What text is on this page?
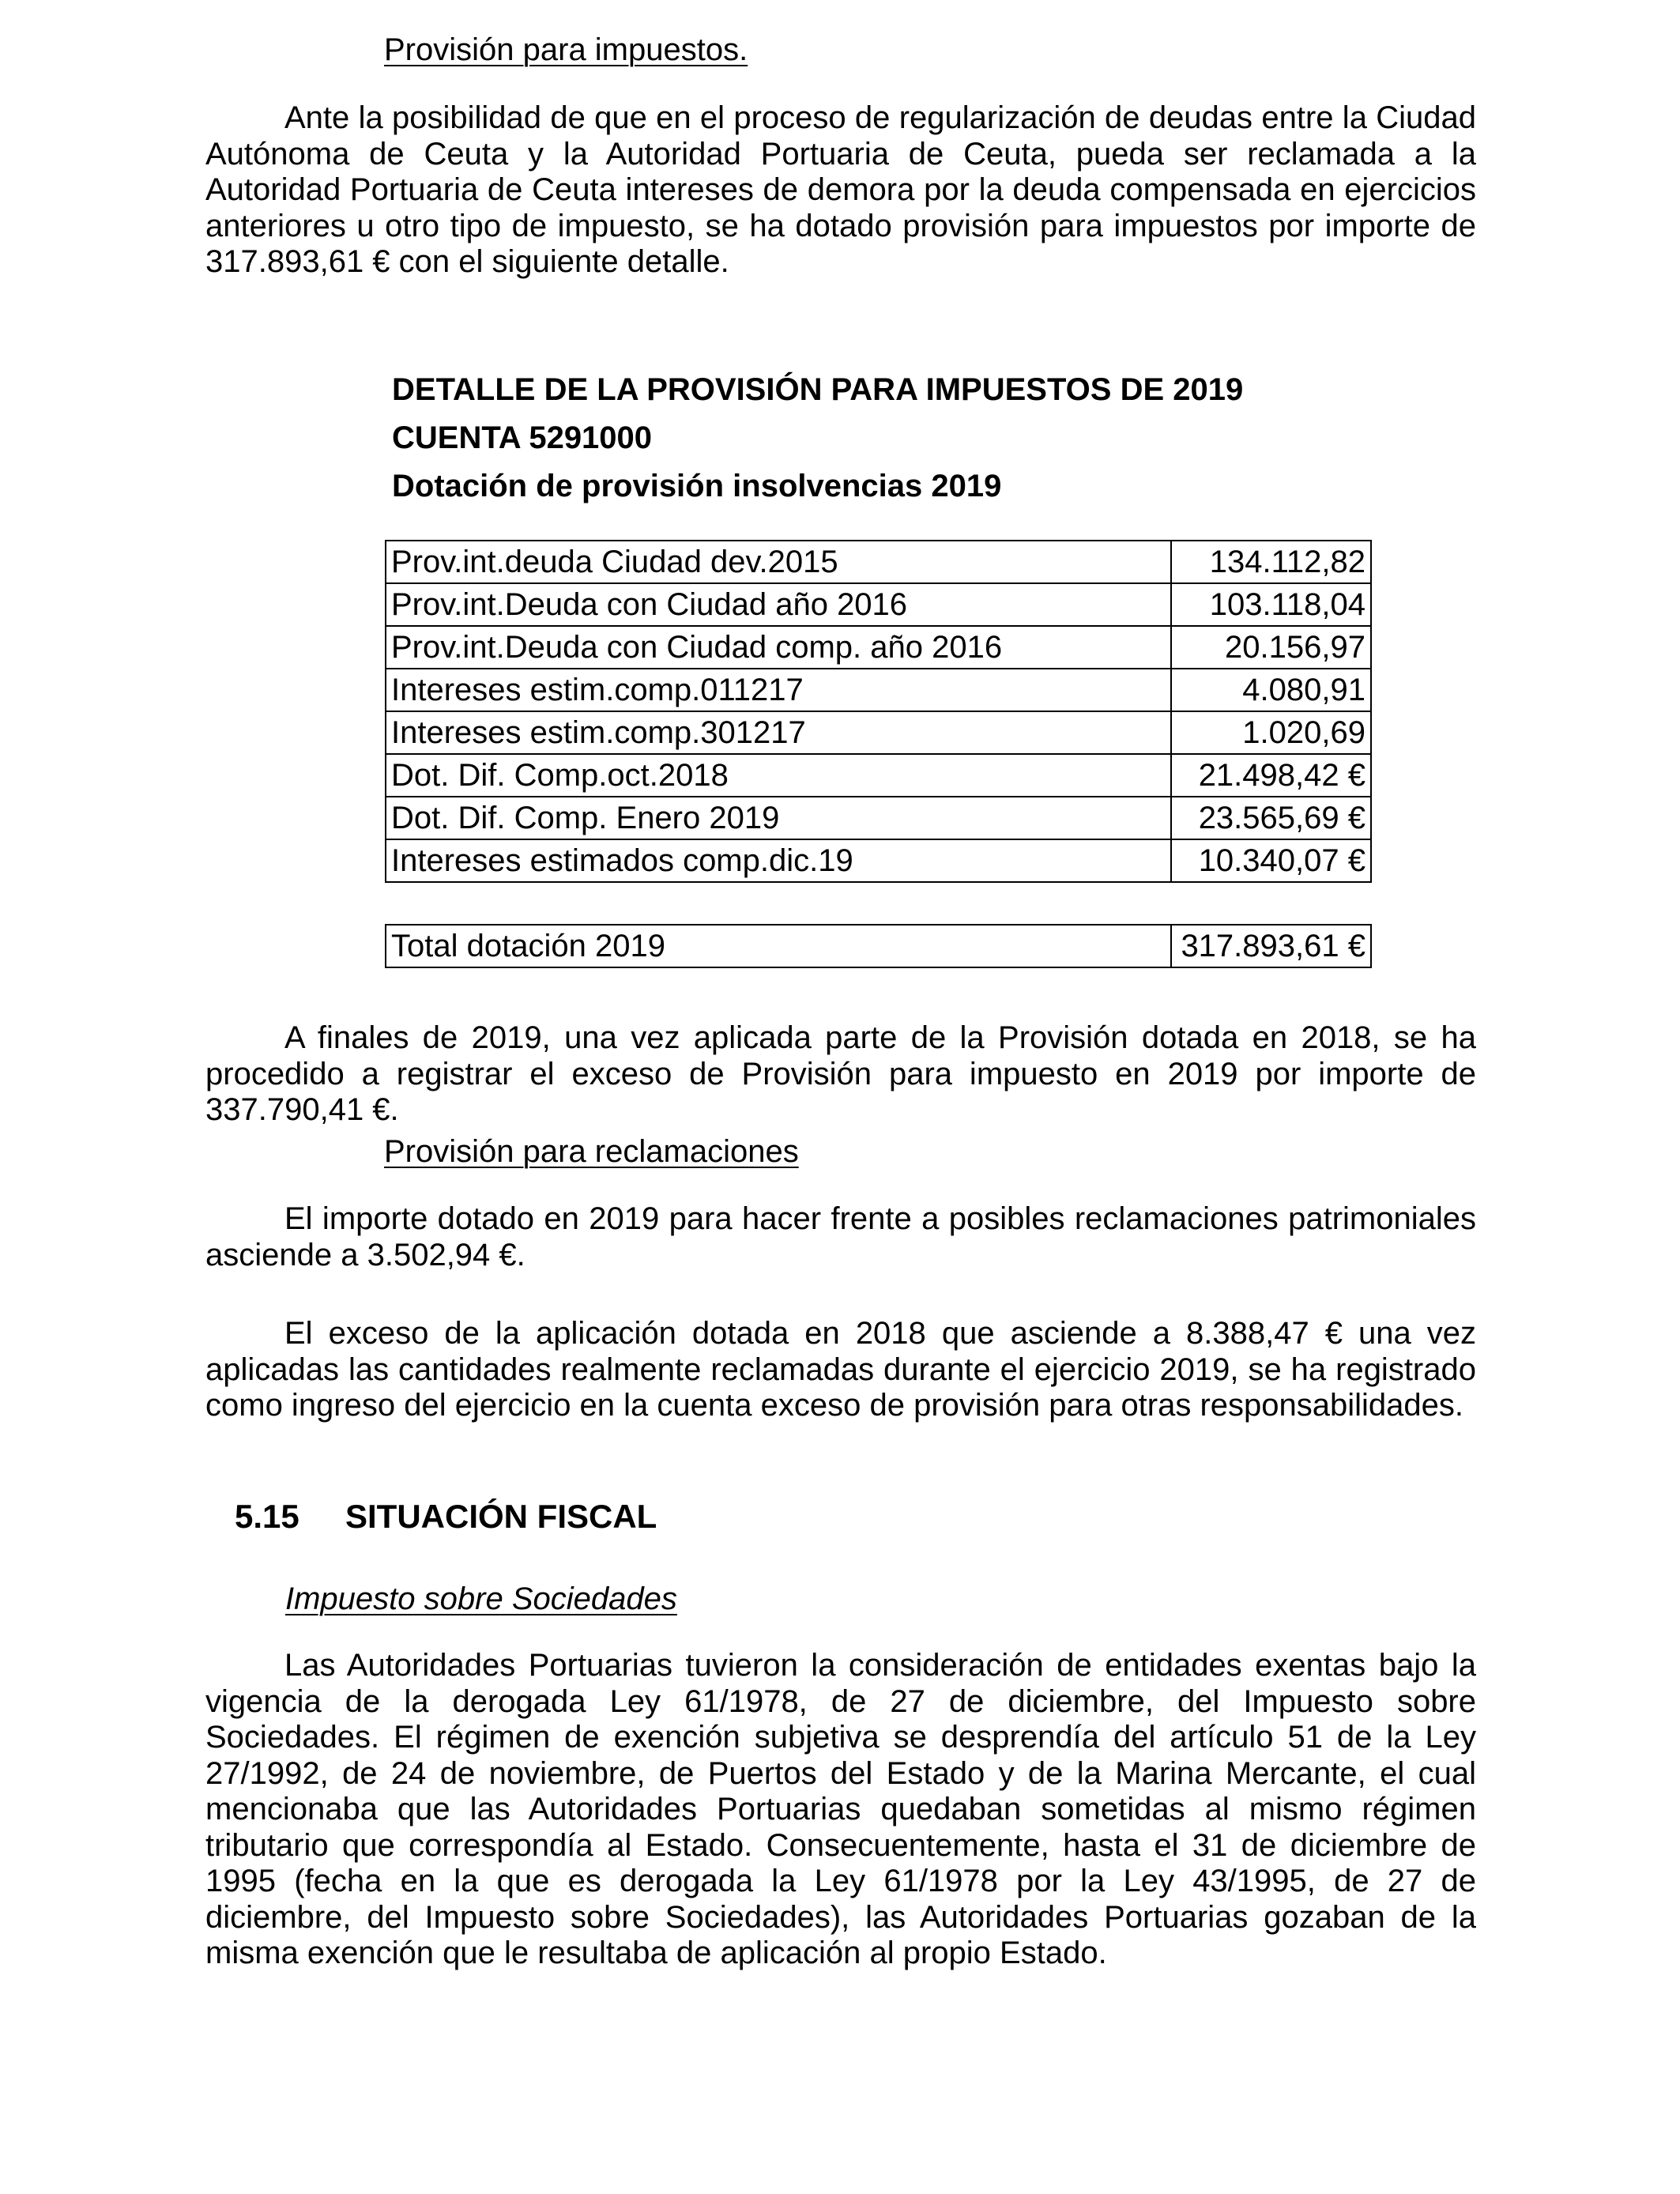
Provisión para impuestos.

Ante la posibilidad de que en el proceso de regularización de deudas entre la Ciudad Autónoma de Ceuta y la Autoridad Portuaria de Ceuta, pueda ser reclamada a la Autoridad Portuaria de Ceuta intereses de demora por la deuda compensada en ejercicios anteriores u otro tipo de impuesto, se ha dotado provisión para impuestos por importe de 317.893,61 € con el siguiente detalle.

DETALLE DE LA PROVISIÓN PARA IMPUESTOS DE 2019
CUENTA 5291000
Dotación de provisión insolvencias 2019
Prov.int.deuda Ciudad dev.2015	134.112,82
Prov.int.Deuda con Ciudad año 2016	103.118,04
Prov.int.Deuda con Ciudad comp. año 2016	20.156,97
Intereses estim.comp.011217	4.080,91
Intereses estim.comp.301217	1.020,69
Dot. Dif. Comp.oct.2018	21.498,42 €
Dot. Dif. Comp. Enero 2019	23.565,69 €
Intereses estimados comp.dic.19	10.340,07 €
Total dotación 2019	317.893,61 €

A finales de 2019, una vez aplicada parte de la Provisión dotada en 2018, se ha procedido a registrar el exceso de Provisión para impuesto en 2019 por importe de 337.790,41 €.

Provisión para reclamaciones

El importe dotado en 2019 para hacer frente a posibles reclamaciones patrimoniales asciende a 3.502,94 €.

El exceso de la aplicación dotada en 2018 que asciende a 8.388,47 € una vez aplicadas las cantidades realmente reclamadas durante el ejercicio 2019, se ha registrado como ingreso del ejercicio en la cuenta exceso de provisión para otras responsabilidades.

5.15 SITUACIÓN FISCAL
Impuesto sobre Sociedades

Las Autoridades Portuarias tuvieron la consideración de entidades exentas bajo la vigencia de la derogada Ley 61/1978, de 27 de diciembre, del Impuesto sobre Sociedades. El régimen de exención subjetiva se desprendía del artículo 51 de la Ley 27/1992, de 24 de noviembre, de Puertos del Estado y de la Marina Mercante, el cual mencionaba que las Autoridades Portuarias quedaban sometidas al mismo régimen tributario que correspondía al Estado. Consecuentemente, hasta el 31 de diciembre de 1995 (fecha en la que es derogada la Ley 61/1978 por la Ley 43/1995, de 27 de diciembre, del Impuesto sobre Sociedades), las Autoridades Portuarias gozaban de la misma exención que le resultaba de aplicación al propio Estado.
